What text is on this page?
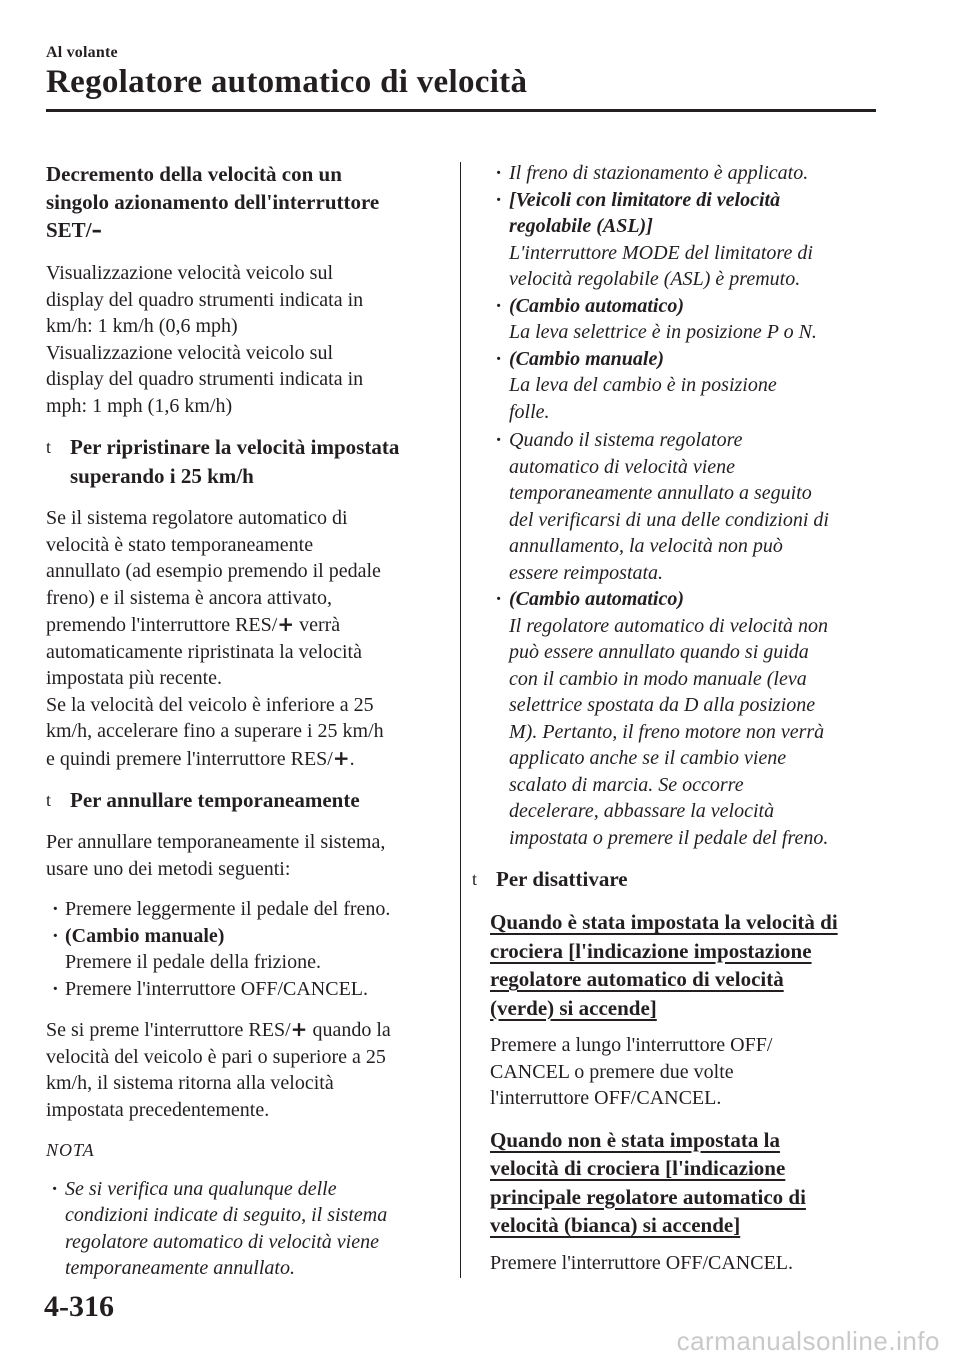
Al volante
Regolatore automatico di velocità
Decremento della velocità con un
singolo azionamento dell'interruttore
SET/–

Visualizzazione velocità veicolo sul
display del quadro strumenti indicata in
km/h: 1 km/h (0,6 mph)
Visualizzazione velocità veicolo sul
display del quadro strumenti indicata in
mph: 1 mph (1,6 km/h)

t
Per ripristinare la velocità impostata
superando i 25 km/h

Se il sistema regolatore automatico di
velocità è stato temporaneamente
annullato (ad esempio premendo il pedale
freno) e il sistema è ancora attivato,
premendo l'interruttore RES/+ verrà
automaticamente ripristinata la velocità
impostata più recente.
Se la velocità del veicolo è inferiore a 25
km/h, accelerare fino a superare i 25 km/h
e quindi premere l'interruttore RES/+.

t
Per annullare temporaneamente

Per annullare temporaneamente il sistema,
usare uno dei metodi seguenti:

· Premere leggermente il pedale del freno.
· (Cambio manuale)
Premere il pedale della frizione.
· Premere l'interruttore OFF/CANCEL.

Se si preme l'interruttore RES/+ quando la
velocità del veicolo è pari o superiore a 25
km/h, il sistema ritorna alla velocità
impostata precedentemente.

NOTA
· Se si verifica una qualunque delle
condizioni indicate di seguito, il sistema
regolatore automatico di velocità viene
temporaneamente annullato.
· Il freno di stazionamento è applicato.
· [Veicoli con limitatore di velocità
regolabile (ASL)]
L'interruttore MODE del limitatore di
velocità regolabile (ASL) è premuto.
· (Cambio automatico)
La leva selettrice è in posizione P o N.
· (Cambio manuale)
La leva del cambio è in posizione
folle.
· Quando il sistema regolatore
automatico di velocità viene
temporaneamente annullato a seguito
del verificarsi di una delle condizioni di
annullamento, la velocità non può
essere reimpostata.
· (Cambio automatico)
Il regolatore automatico di velocità non
può essere annullato quando si guida
con il cambio in modo manuale (leva
selettrice spostata da D alla posizione
M). Pertanto, il freno motore non verrà
applicato anche se il cambio viene
scalato di marcia. Se occorre
decelerare, abbassare la velocità
impostata o premere il pedale del freno.
t
Per disattivare
Quando è stata impostata la velocità di
crociera [l'indicazione impostazione
regolatore automatico di velocità
(verde) si accende]

Premere a lungo l'interruttore OFF/
CANCEL o premere due volte
l'interruttore OFF/CANCEL.

Quando non è stata impostata la
velocità di crociera [l'indicazione
principale regolatore automatico di
velocità (bianca) si accende]

Premere l'interruttore OFF/CANCEL.

4-316
carmanualsonline.info
